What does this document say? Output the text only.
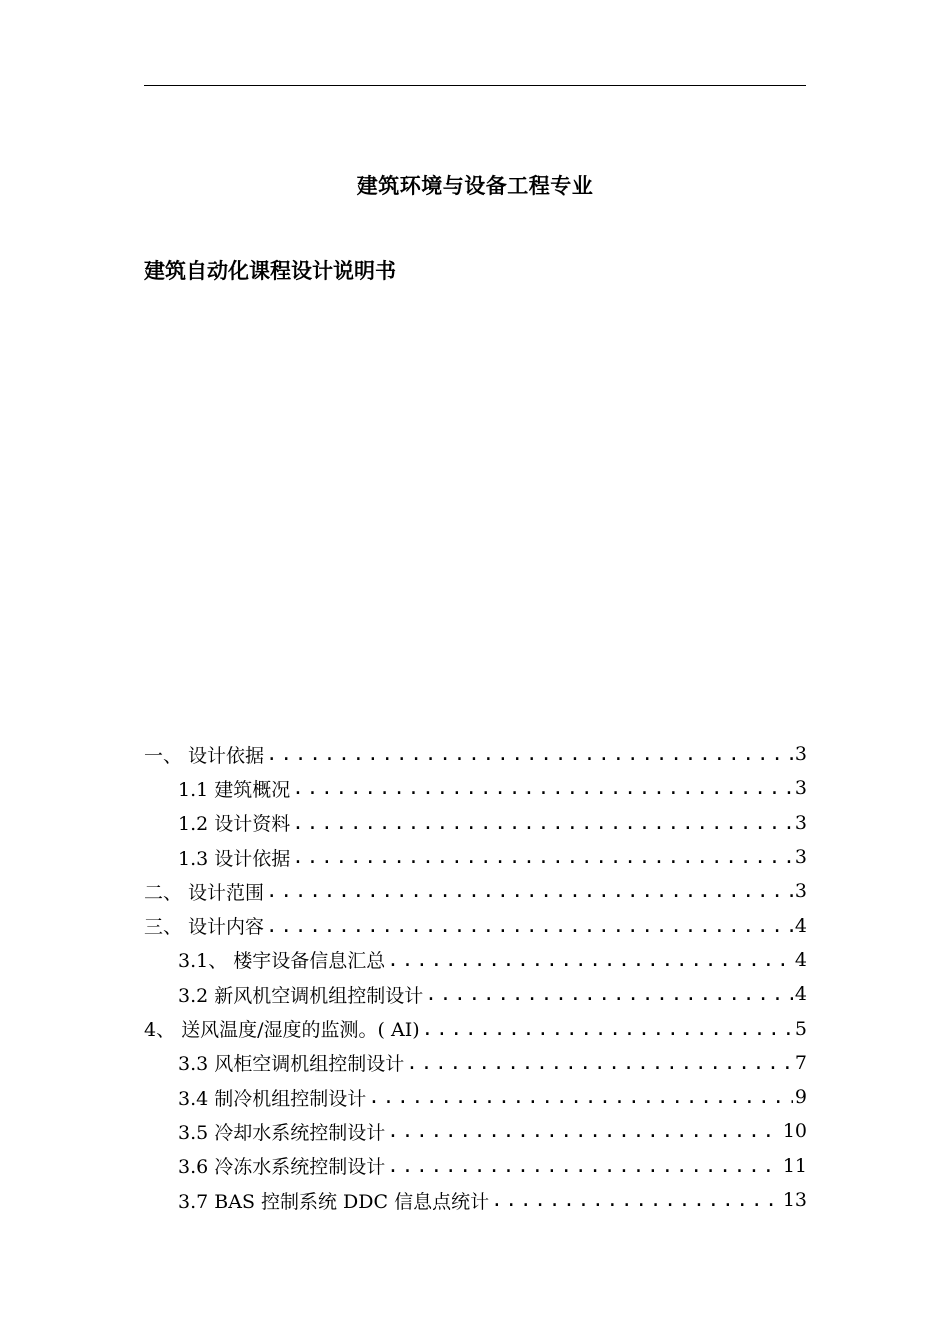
建筑环境与设备工程专业
建筑自动化课程设计说明书
一、 设计依据 .....	3
1.1 建筑概况 .....	3
1.2 设计资料 .....	3
1.3 设计依据 .....	3
二、 设计范围 .....	3
三、 设计内容 .....	4
3.1、 楼宇设备信息汇总 .....	4
3.2 新风机空调机组控制设计 .....	4
4、 送风温度/湿度的监测。( AI) .....	5
3.3 风柜空调机组控制设计 .....	7
3.4 制冷机组控制设计 .....	9
3.5 冷却水系统控制设计 .....	10
3.6 冷冻水系统控制设计 .....	11
3.7 BAS 控制系统 DDC 信息点统计 .....	13
